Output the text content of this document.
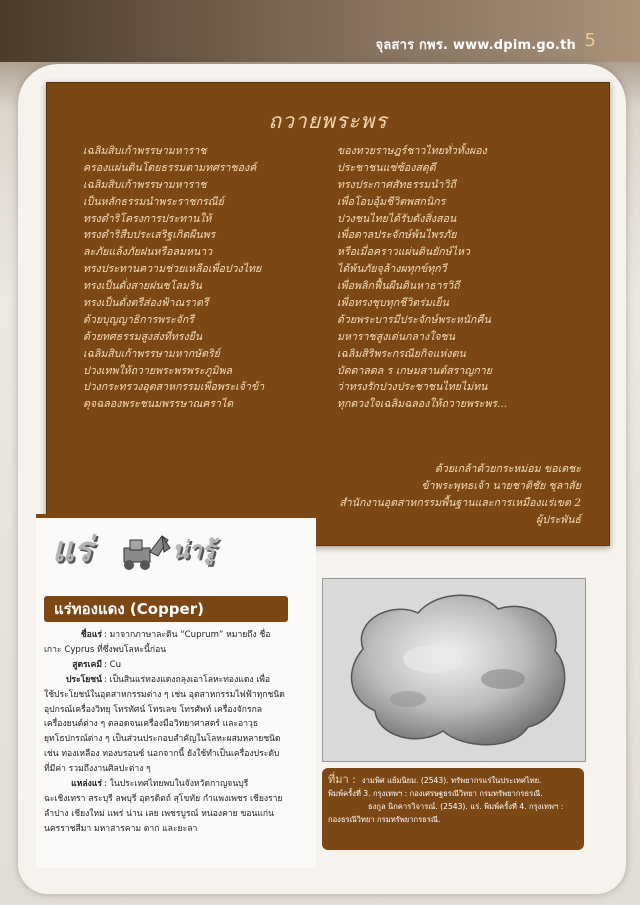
จุลสาร กพร. www.dpim.go.th 5
ถวายพระพร
เฉลิมสิบเก้าพรรษามหาราช
ครองแผ่นดินโดยธรรมตามทศราชองค์
เฉลิมสิบเก้าพรรษามหาราช
เป็นหลักธรรมนำพระราชกรณีย์
ทรงดำริโครงการประทานให้
ทรงดำริสืบประเสริฐเกิดผืนพร
ละภัยแล้งภัยฝนหรือลมหนาว
ทรงประทานความช่วยเหลือเพื่อปวงไทย
ทรงเป็นดั่งสายฝนชโลมริน
ทรงเป็นดั่งตรีส่องฟ้าณราตรี
ด้วยบุญญาธิการพระจักรี
ด้วยทศธรรมสูงส่งที่ทรงยืน
เฉลิมสิบเก้าพรรษามหากษัตริย์
ปวงเทพให้ถวายพระพรพระภูมิพล
ปวงกระทรวงอุตสาหกรรมเพื่อพระเจ้าข้า
ดุจฉลองพระชนมพรรษาณคราได
ของทวยราษฎร์ชาวไทยทั่วทั้งผอง
ประชาชนแซ่ซ้องสดุดี
ทรงประกาศสัทธรรมนำวิถี
เพื่อโอบอุ้มชีวิตพสกนิกร
ปวงชนไทยได้รับดังสิ่งสอน
เพื่อดาลประจักษ์พ้นไพรภัย
หรือเมื่อคราวแผ่นดินยักษ์ไหว
ได้พ้นภัยจุล้างผทุกข์ทุกวี
เพื่อพลิกฟื้นผืนดินหาธารวิถี
เพื่อทรงชุบทุกชีวิตร่มเย็น
ด้วยพระบารมีประจักษ์พระหนักคืน
มหาราชสูงเด่นกลางใจชน
เฉลิมสิริพระกรณียกิจแห่งตน
บัดดาลดล ร เกษมสานต์สราญกาย
ว่าทรงรักปวงประชาชนไทยไม่ทน
ทุกดวงใจเฉลิมฉลองให้ถวายพระพร...
ด้วยเกล้าด้วยกระหม่อม ขอเดชะ
ข้าพระพุทธเจ้า นายชาติชัย ชุลาลัย
สำนักงานอุตสาหกรรมพื้นฐานและการเหมืองแร่เขต 2
ผู้ประพันธ์
แร่	น่ารู้
แร่ทองแดง (Copper)

ชื่อแร่ : มาจากภาษาละติน “Cuprum” หมายถึง ชื่อ

เกาะ Cyprus ที่ซึ่งพบโลหะนี้ก่อน

สูตรเคมี : Cu

ประโยชน์ : เป็นสินแร่ทองแดงถลุงเอาโลหะทองแดง เพื่อ

ใช้ประโยชน์ในอุตสาหกรรมต่าง ๆ เช่น อุตสาหกรรมไฟฟ้าทุกชนิด

อุปกรณ์เครื่องวิทยุ โทรทัศน์ โทรเลข โทรศัพท์ เครื่องจักรกล

เครื่องยนต์ต่าง ๆ ตลอดจนเครื่องมือวิทยาศาสตร์ และอาวุธ

ยุทโธปกรณ์ต่าง ๆ เป็นส่วนประกอบสำคัญในโลหะผสมหลายชนิด

เช่น ทองเหลือง ทองบรอนซ์ นอกจากนี้ ยังใช้ทำเป็นเครื่องประดับ

ที่มีค่า รวมถึงงานศิลปะต่าง ๆ

แหล่งแร่ : ในประเทศไทยพบในจังหวัดกาญจนบุรี

ฉะเชิงเทรา สระบุรี ลพบุรี อุตรดิตถ์ สุโขทัย กำแพงเพชร เชียงราย

ลำปาง เชียงใหม่ แพร่ น่าน เลย เพชรบูรณ์ หนองคาย ขอนแก่น

นครราชสีมา มหาสารคาม ตาก และยะลา

ที่มา : งามพิศ แย้มนิยม. (2543). ทรัพยากรแร่ในประเทศไทย.
พิมพ์ครั้งที่ 3. กรุงเทพฯ : กองเศรษฐธรณีวิทยา กรมทรัพยากรธรณี.
ธงกูล นิกคารวิจารณ์. (2543). แร่. พิมพ์ครั้งที่ 4. กรุงเทพฯ :
กองธรณีวิทยา กรมทรัพยากรธรณี.
